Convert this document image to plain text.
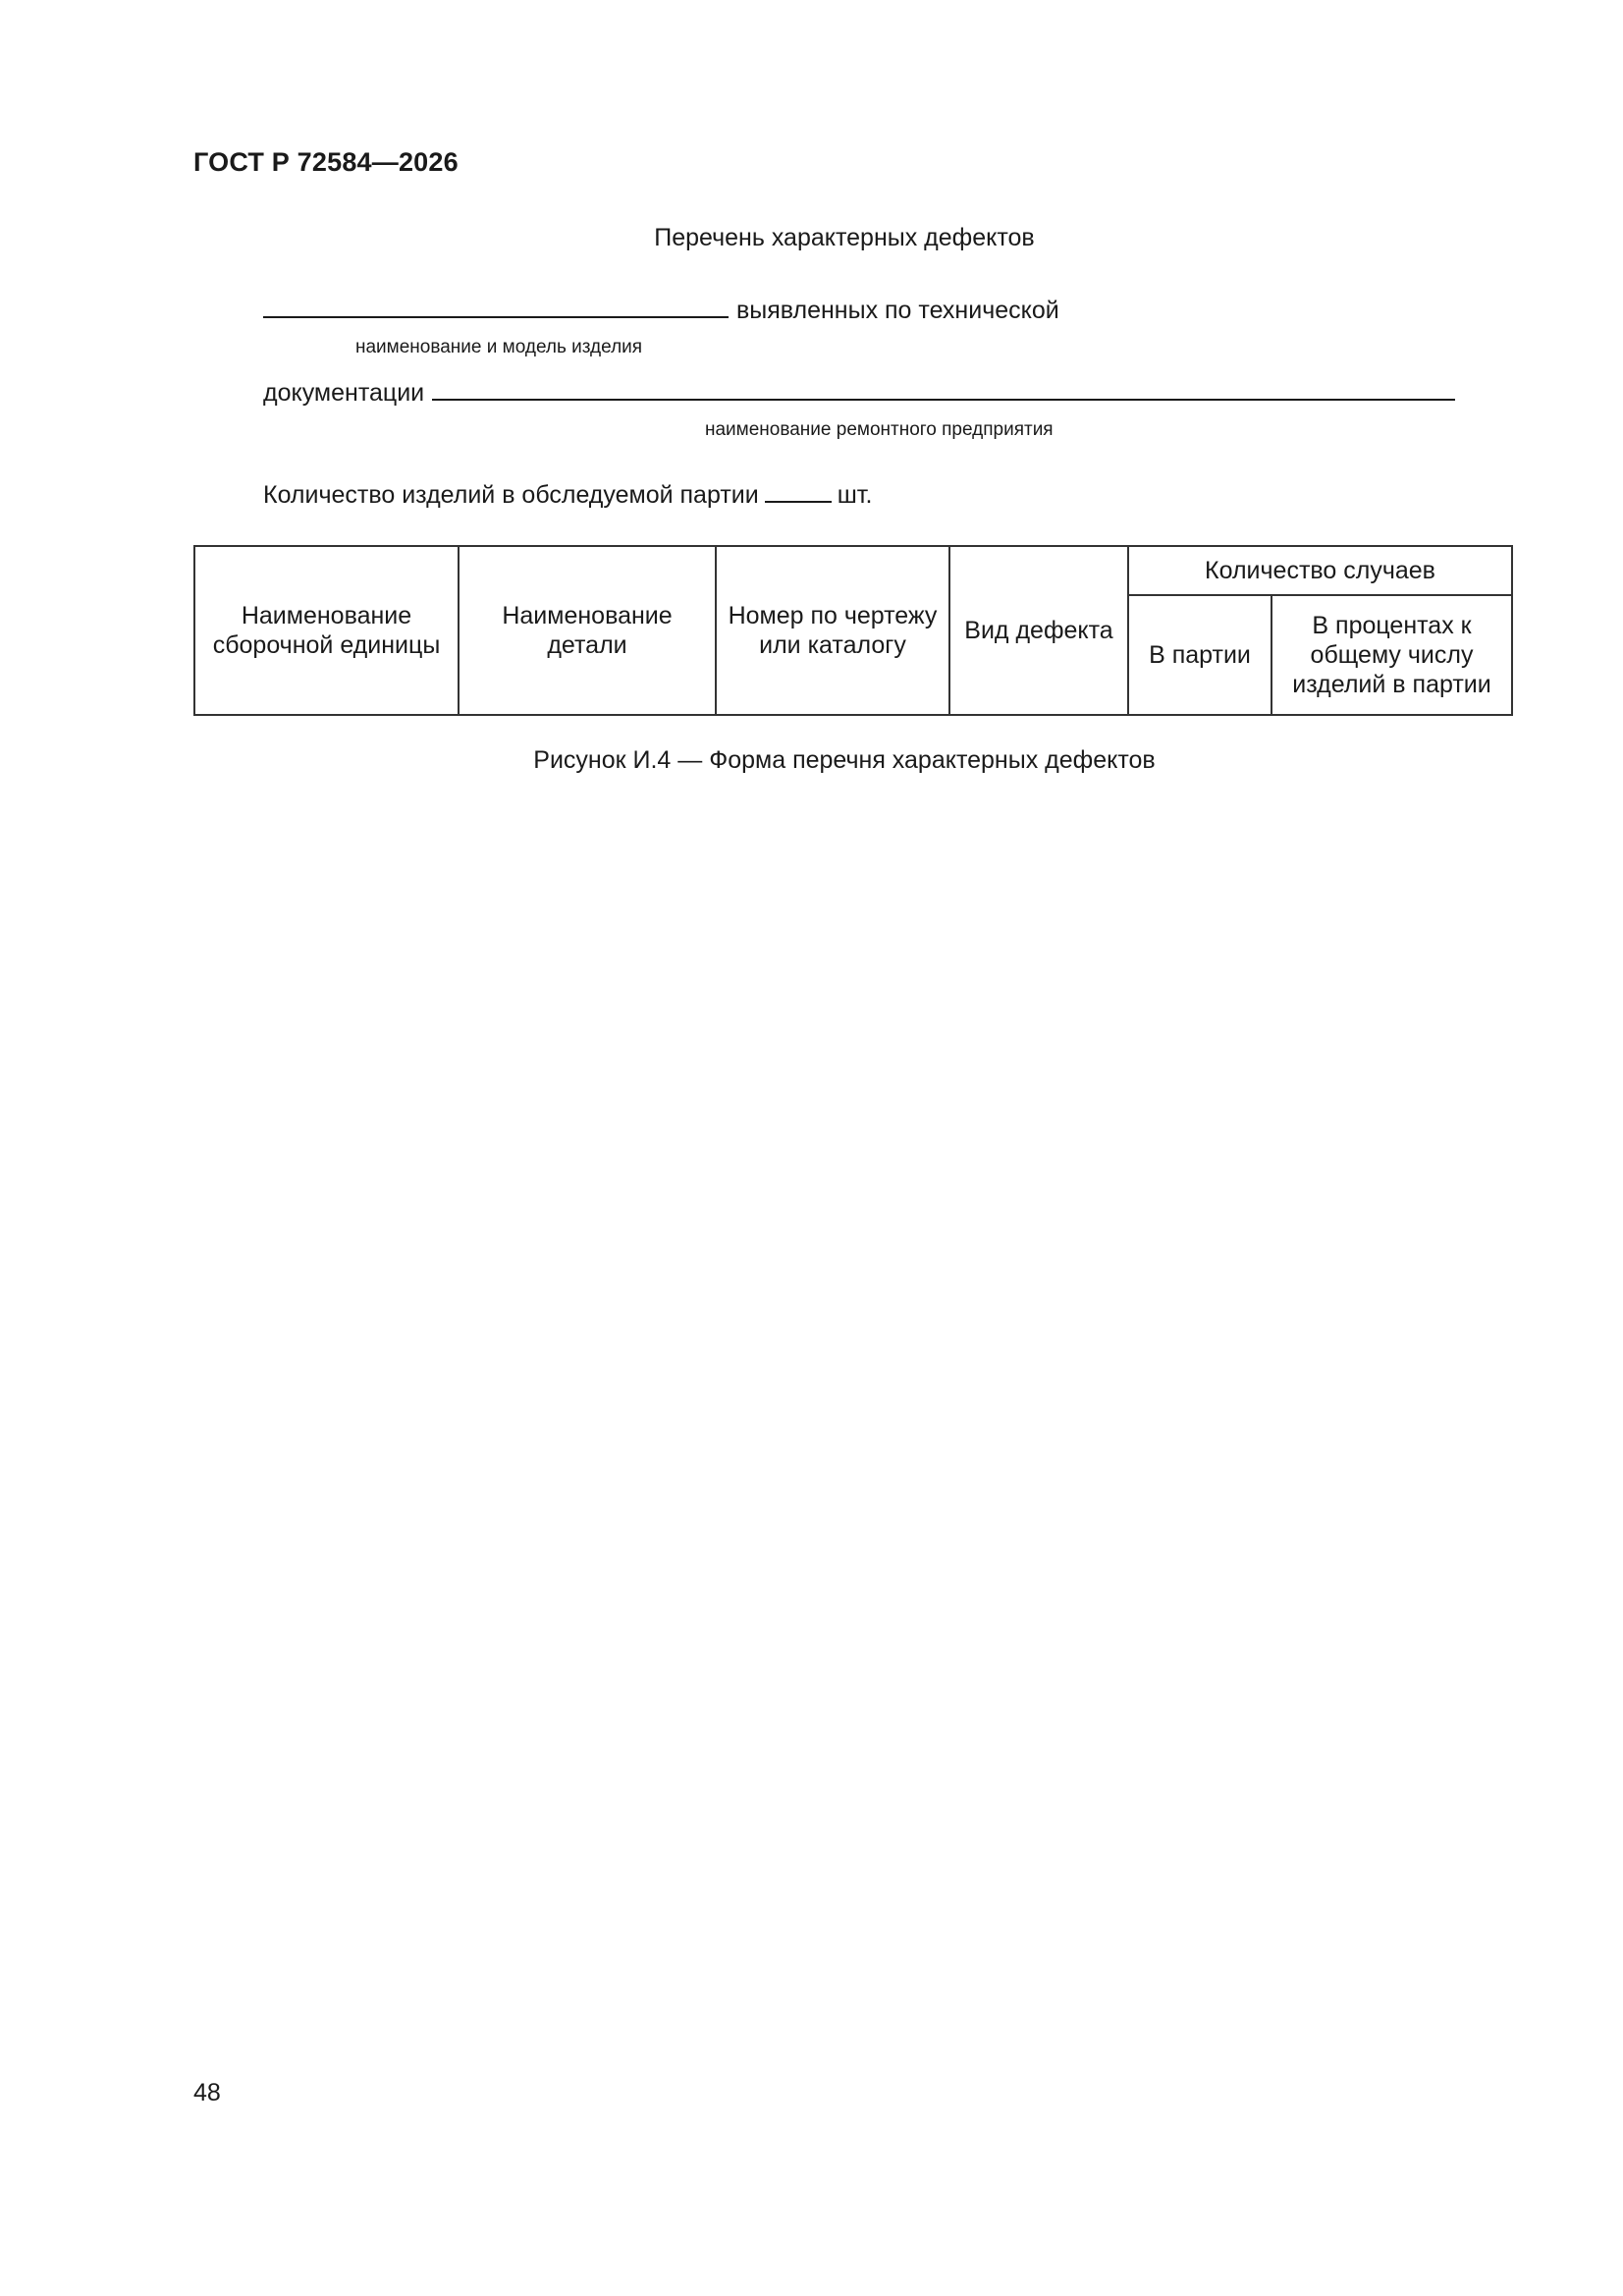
ГОСТ Р 72584—2026
Перечень характерных дефектов
выявленных по технической
наименование и модель изделия
документации
наименование ремонтного предприятия
Количество изделий в обследуемой партии	шт.
Наименование сборочной единицы	Наименование детали	Номер по чертежу или каталогу	Вид дефекта	Количество случаев	
				В партии	В процентах к общему числу изделий в партии
Рисунок И.4 — Форма перечня характерных дефектов
48
